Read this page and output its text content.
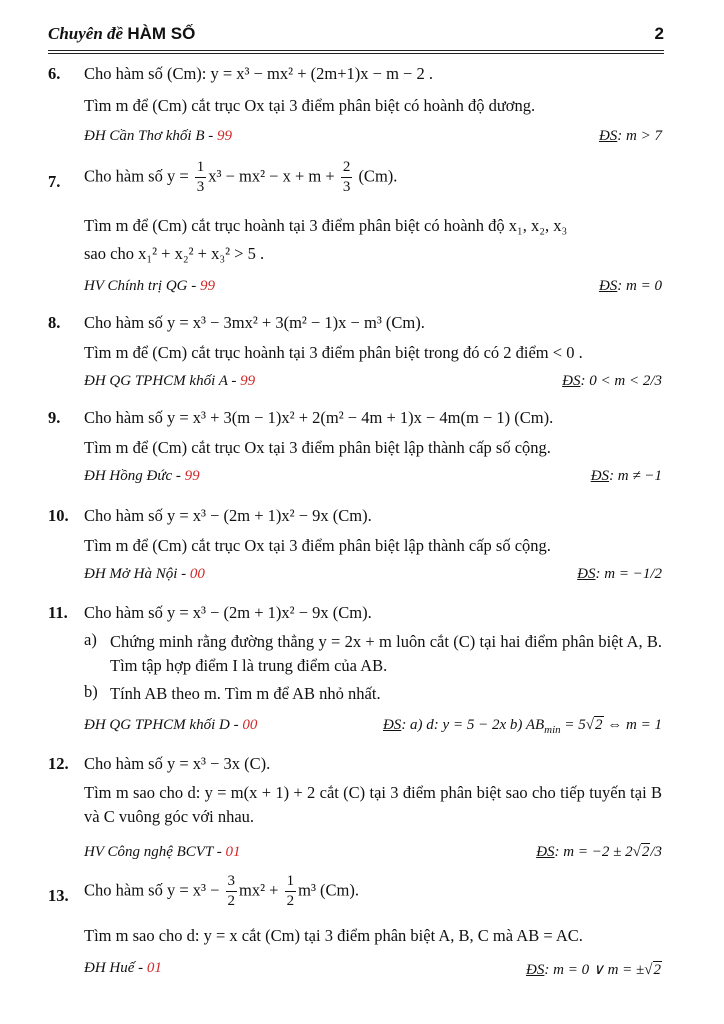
Chuyên đề HÀM SỐ	2
6. Cho hàm số (Cm): y = x³ − mx² + (2m+1)x − m − 2 .
Tìm m để (Cm) cắt trục Ox tại 3 điểm phân biệt có hoành độ dương.
ĐH Cần Thơ khối B - 99	ĐS: m > 7
7. Cho hàm số $y = \frac{1}{3} x^3 - mx^2 - x + m + \frac{2}{3} (Cm)$.
Tìm m để (Cm) cắt trục hoành tại 3 điểm phân biệt có hoành độ x₁, x₂, x₃
sao cho x₁² + x₂² + x₃² > 5 .
HV Chính trị QG - 99	ĐS: m = 0
8. Cho hàm số y = x³ − 3mx² + 3(m² − 1)x − m³ (Cm).
Tìm m để (Cm) cắt trục hoành tại 3 điểm phân biệt trong đó có 2 điểm < 0 .
ĐH QG TPHCM khối A - 99	ĐS: 0 < m < 2/3
9. Cho hàm số y = x³ + 3(m − 1)x² + 2(m² − 4m + 1)x − 4m(m − 1) (Cm).
Tìm m để (Cm) cắt trục Ox tại 3 điểm phân biệt lập thành cấp số cộng.
ĐH Hồng Đức - 99	ĐS: m ≠ −1
10. Cho hàm số y = x³ − (2m + 1)x² − 9x (Cm).
Tìm m để (Cm) cắt trục Ox tại 3 điểm phân biệt lập thành cấp số cộng.
ĐH Mở Hà Nội - 00	ĐS: m = −1/2
11. Cho hàm số y = x³ − (2m + 1)x² − 9x (Cm).
a) Chứng minh rằng đường thẳng y = 2x + m luôn cắt (C) tại hai điểm phân biệt A, B. Tìm tập hợp điểm I là trung điểm của AB.
b) Tính AB theo m. Tìm m để AB nhỏ nhất.
ĐH QG TPHCM khối D - 00	ĐS: a) d: y = 5 − 2x b) $AB_{min} = 5√2$ ⇔ m = 1
12. Cho hàm số y = x³ − 3x (C).
Tìm m sao cho d: y = m(x + 1) + 2 cắt (C) tại 3 điểm phân biệt sao cho tiếp tuyến tại B và C vuông góc với nhau.
HV Công nghệ BCVT - 01	ĐS: m = −2 ± 2√2/3
13. Cho hàm số $y = x^3 - \frac{3}{2} mx^2 + \frac{1}{2} m^3$ (Cm).
Tìm m sao cho d: y = x cắt (Cm) tại 3 điểm phân biệt A, B, C mà AB = AC.
ĐH Huế - 01	ĐS: m = 0 ∨ m = ±√2
